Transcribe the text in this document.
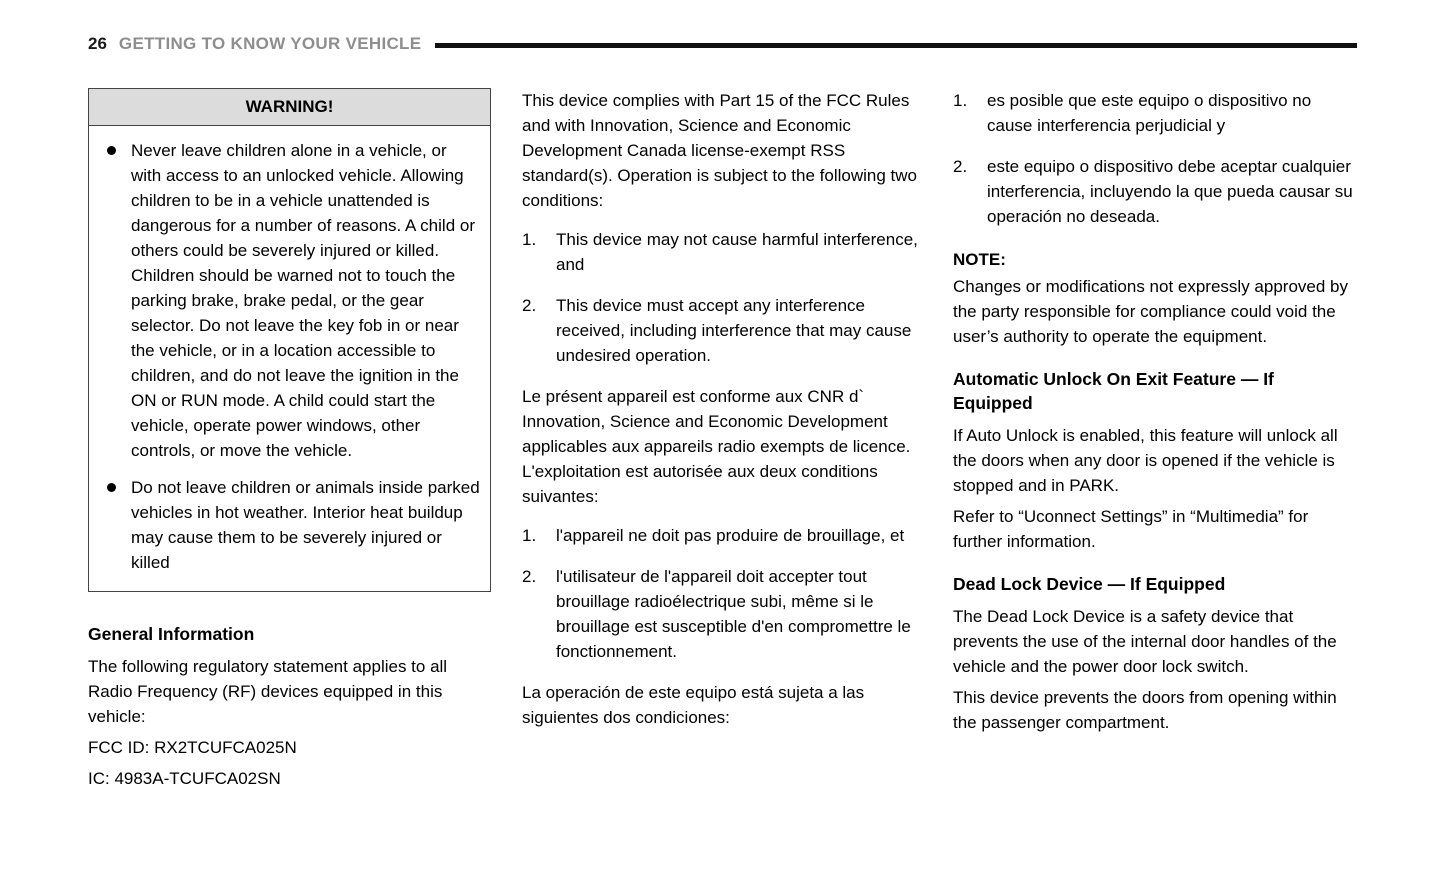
26 GETTING TO KNOW YOUR VEHICLE
WARNING!
Never leave children alone in a vehicle, or with access to an unlocked vehicle. Allowing children to be in a vehicle unattended is dangerous for a number of reasons. A child or others could be severely injured or killed. Children should be warned not to touch the parking brake, brake pedal, or the gear selector. Do not leave the key fob in or near the vehicle, or in a location accessible to children, and do not leave the ignition in the ON or RUN mode. A child could start the vehicle, operate power windows, other controls, or move the vehicle.
Do not leave children or animals inside parked vehicles in hot weather. Interior heat buildup may cause them to be severely injured or killed
General Information

The following regulatory statement applies to all Radio Frequency (RF) devices equipped in this vehicle:

FCC ID: RX2TCUFCA025N

IC: 4983A-TCUFCA02SN

This device complies with Part 15 of the FCC Rules and with Innovation, Science and Economic Development Canada license-exempt RSS standard(s). Operation is subject to the following two conditions:

1.	This device may not cause harmful interference, and
2.	This device must accept any interference received, including interference that may cause undesired operation.

Le présent appareil est conforme aux CNR d` Innovation, Science and Economic Development applicables aux appareils radio exempts de licence. L'exploitation est autorisée aux deux conditions suivantes:

1.	l'appareil ne doit pas produire de brouillage, et
2.	l'utilisateur de l'appareil doit accepter tout brouillage radioélectrique subi, même si le brouillage est susceptible d'en compromettre le fonctionnement.

La operación de este equipo está sujeta a las siguientes dos condiciones:

1.	es posible que este equipo o dispositivo no cause interferencia perjudicial y
2.	este equipo o dispositivo debe aceptar cualquier interferencia, incluyendo la que pueda causar su operación no deseada.
NOTE:

Changes or modifications not expressly approved by the party responsible for compliance could void the user’s authority to operate the equipment.

Automatic Unlock On Exit Feature — If Equipped

If Auto Unlock is enabled, this feature will unlock all the doors when any door is opened if the vehicle is stopped and in PARK.

Refer to “Uconnect Settings” in “Multimedia” for further information.

Dead Lock Device — If Equipped

The Dead Lock Device is a safety device that prevents the use of the internal door handles of the vehicle and the power door lock switch.

This device prevents the doors from opening within the passenger compartment.
